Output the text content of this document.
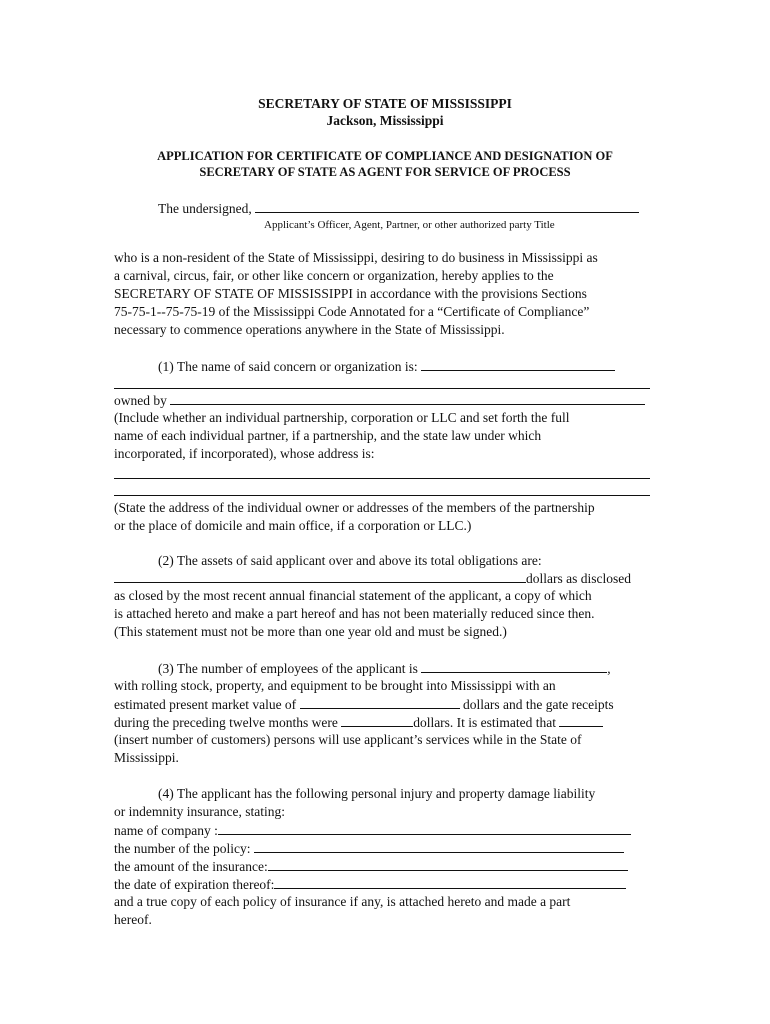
SECRETARY OF STATE OF MISSISSIPPI
Jackson, Mississippi
APPLICATION FOR CERTIFICATE OF COMPLIANCE AND DESIGNATION OF
SECRETARY OF STATE AS AGENT FOR SERVICE OF PROCESS
The undersigned,
Applicant’s Officer, Agent, Partner, or other authorized party Title
who is a non-resident of the State of Mississippi, desiring to do business in Mississippi as
a carnival, circus, fair, or other like concern or organization, hereby applies to the
SECRETARY OF STATE OF MISSISSIPPI in accordance with the provisions Sections
75-75-1--75-75-19 of the Mississippi Code Annotated for a “Certificate of Compliance”
necessary to commence operations anywhere in the State of Mississippi.
(1) The name of said concern or organization is:
owned by
(Include whether an individual partnership, corporation or LLC and set forth the full
name of each individual partner, if a partnership, and the state law under which
incorporated, if incorporated), whose address is:
(State the address of the individual owner or addresses of the members of the partnership
or the place of domicile and main office, if a corporation or LLC.)
(2) The assets of said applicant over and above its total obligations are:
dollars as disclosed
as closed by the most recent annual financial statement of the applicant, a copy of which
is attached hereto and make a part hereof and has not been materially reduced since then.
(This statement must not be more than one year old and must be signed.)
(3) The number of employees of the applicant is	,
with rolling stock, property, and equipment to be brought into Mississippi with an
estimated present market value of	dollars and the gate receipts
during the preceding twelve months were	dollars. It is estimated that
(insert number of customers) persons will use applicant’s services while in the State of
Mississippi.
(4) The applicant has the following personal injury and property damage liability
or indemnity insurance, stating:
name of company :
the number of the policy:
the amount of the insurance:
the date of expiration thereof:
and a true copy of each policy of insurance if any, is attached hereto and made a part
hereof.
